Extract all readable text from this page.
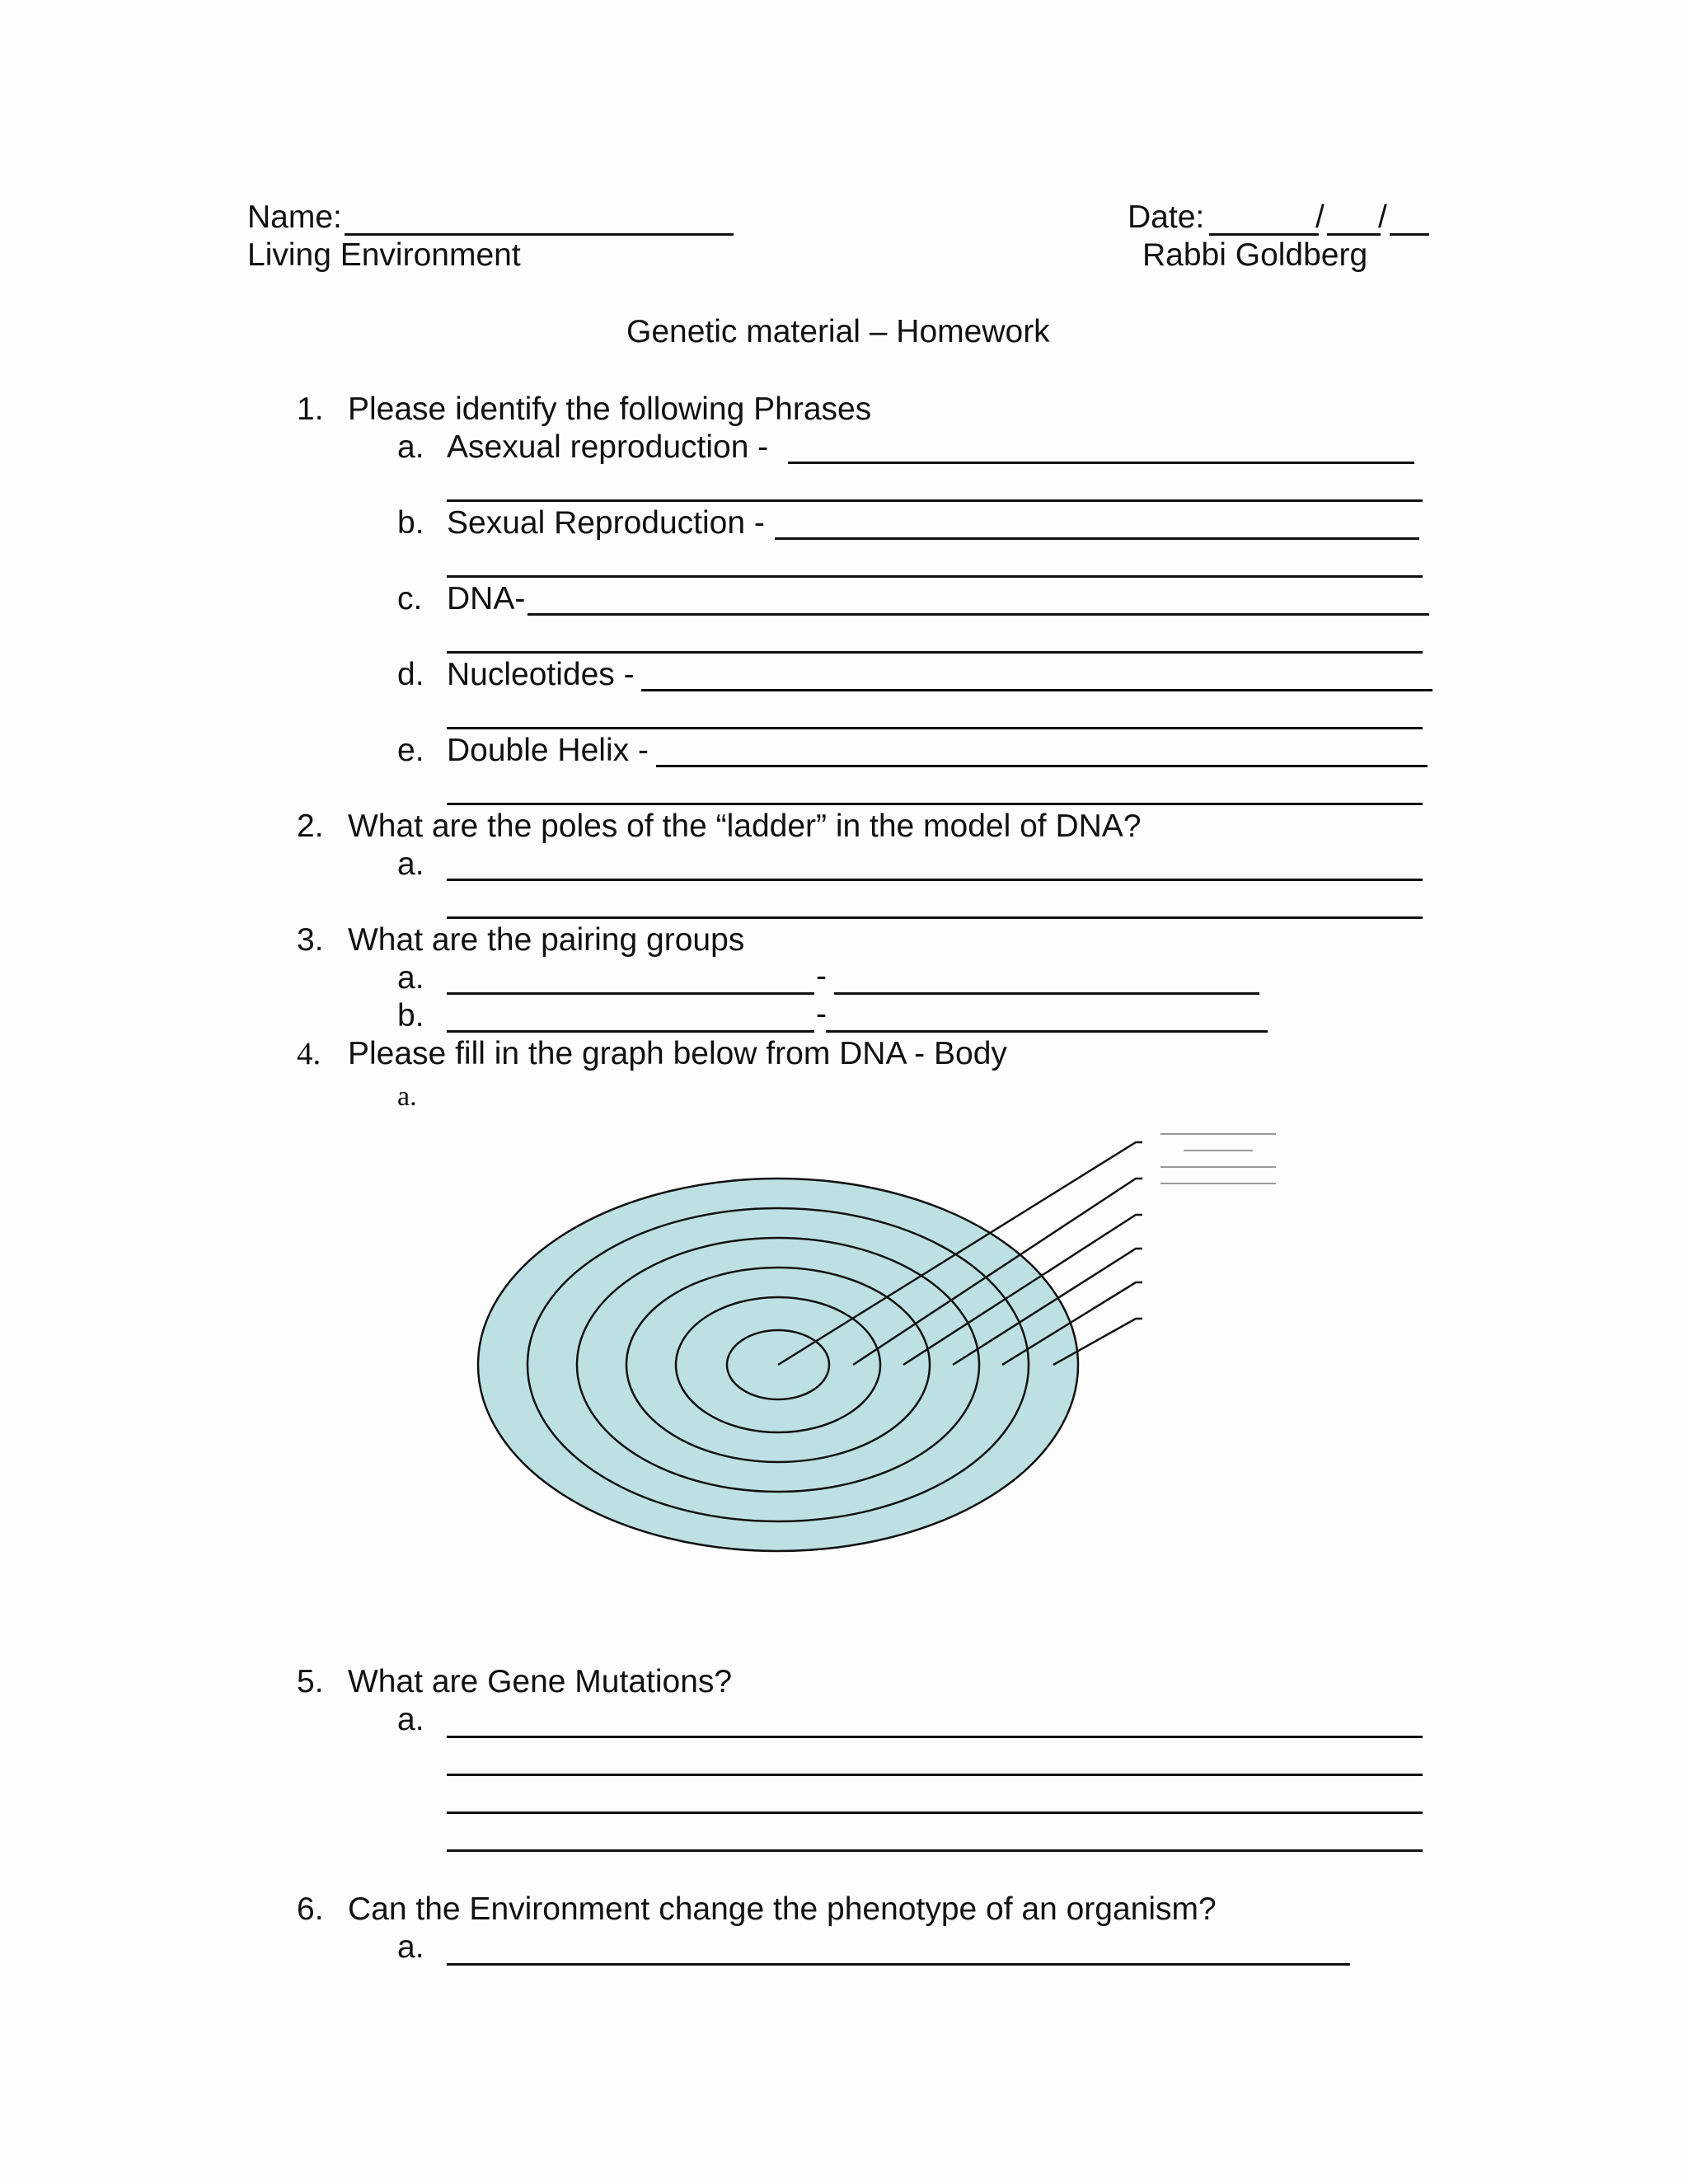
Name:	Date:	/ /
Living Environment	Rabbi Goldberg
Genetic material – Homework
1. Please identify the following Phrases
a. Asexual reproduction -
b. Sexual Reproduction -
c. DNA-
d. Nucleotides -
e. Double Helix -
2. What are the poles of the “ladder” in the model of DNA?
a.
3. What are the pairing groups
a.	-
b.	-
4. Please fill in the graph below from DNA - Body
a.
5. What are Gene Mutations?
a.
6. Can the Environment change the phenotype of an organism?
a.
